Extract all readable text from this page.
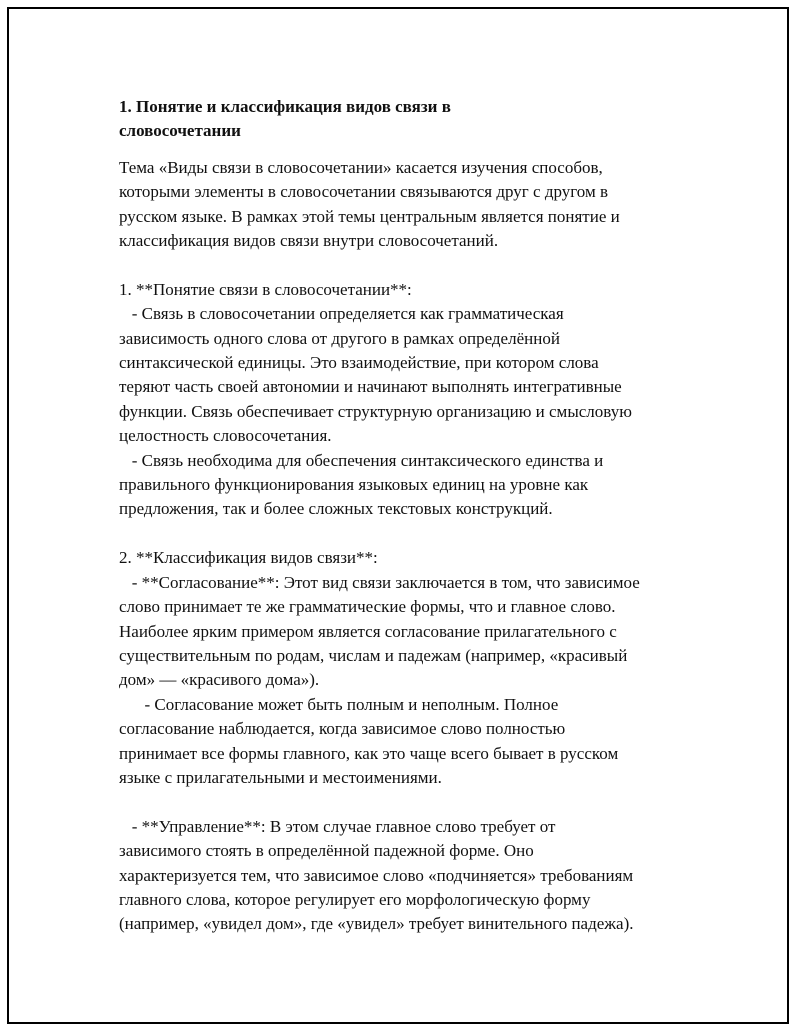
1. Понятие и классификация видов связи в
словосочетании
Тема «Виды связи в словосочетании» касается изучения способов,
которыми элементы в словосочетании связываются друг с другом в
русском языке. В рамках этой темы центральным является понятие и
классификация видов связи внутри словосочетаний.
1. **Понятие связи в словосочетании**:
- Связь в словосочетании определяется как грамматическая
зависимость одного слова от другого в рамках определённой
синтаксической единицы. Это взаимодействие, при котором слова
теряют часть своей автономии и начинают выполнять интегративные
функции. Связь обеспечивает структурную организацию и смысловую
целостность словосочетания.
- Связь необходима для обеспечения синтаксического единства и
правильного функционирования языковых единиц на уровне как
предложения, так и более сложных текстовых конструкций.
2. **Классификация видов связи**:
- **Согласование**: Этот вид связи заключается в том, что зависимое
слово принимает те же грамматические формы, что и главное слово.
Наиболее ярким примером является согласование прилагательного с
существительным по родам, числам и падежам (например, «красивый
дом» — «красивого дома»).
- Согласование может быть полным и неполным. Полное
согласование наблюдается, когда зависимое слово полностью
принимает все формы главного, как это чаще всего бывает в русском
языке с прилагательными и местоимениями.
- **Управление**: В этом случае главное слово требует от
зависимого стоять в определённой падежной форме. Оно
характеризуется тем, что зависимое слово «подчиняется» требованиям
главного слова, которое регулирует его морфологическую форму
(например, «увидел дом», где «увидел» требует винительного падежа).
